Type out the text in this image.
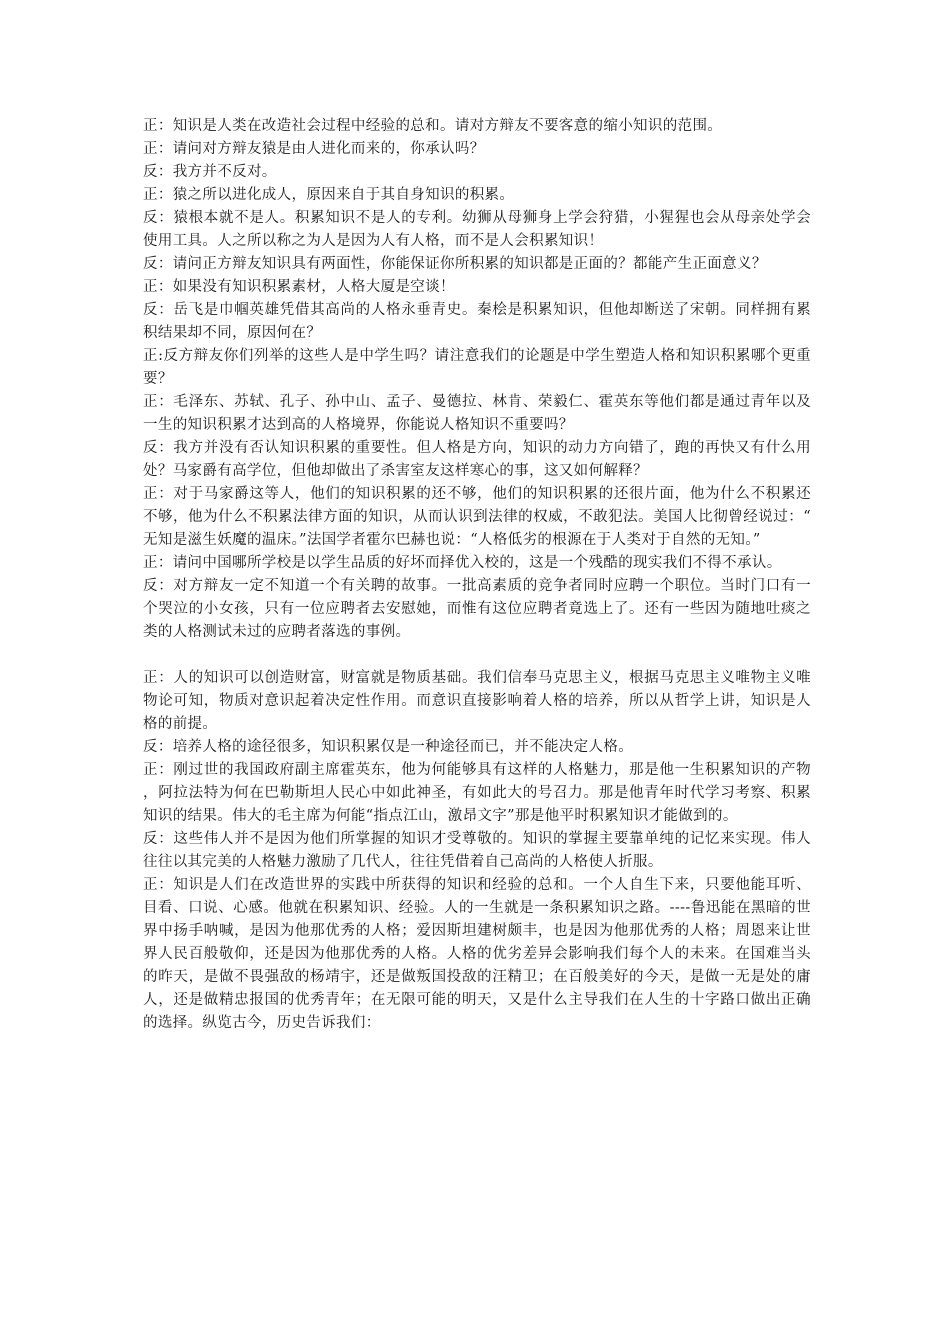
正：知识是人类在改造社会过程中经验的总和。请对方辩友不要客意的缩小知识的范围。

正：请问对方辩友猿是由人进化而来的，你承认吗？

反：我方并不反对。

正：猿之所以进化成人，原因来自于其自身知识的积累。

反：猿根本就不是人。积累知识不是人的专利。幼狮从母狮身上学会狩猎，小猩猩也会从母亲处学会使用工具。人之所以称之为人是因为人有人格，而不是人会积累知识！

反：请问正方辩友知识具有两面性，你能保证你所积累的知识都是正面的？都能产生正面意义？

正：如果没有知识积累素材，人格大厦是空谈！

反：岳飞是巾帼英雄凭借其高尚的人格永垂青史。秦桧是积累知识，但他却断送了宋朝。同样拥有累积结果却不同，原因何在？

正:反方辩友你们列举的这些人是中学生吗？请注意我们的论题是中学生塑造人格和知识积累哪个更重要？

正：毛泽东、苏轼、孔子、孙中山、孟子、曼德拉、林肯、荣毅仁、霍英东等他们都是通过青年以及一生的知识积累才达到高的人格境界，你能说人格知识不重要吗？

反：我方并没有否认知识积累的重要性。但人格是方向，知识的动力方向错了，跑的再快又有什么用处？马家爵有高学位，但他却做出了杀害室友这样寒心的事，这又如何解释？

正：对于马家爵这等人，他们的知识积累的还不够，他们的知识积累的还很片面，他为什么不积累还不够，他为什么不积累法律方面的知识，从而认识到法律的权威，不敢犯法。美国人比彻曾经说过：“无知是滋生妖魔的温床。”法国学者霍尔巴赫也说：“人格低劣的根源在于人类对于自然的无知。”

正：请问中国哪所学校是以学生品质的好坏而择优入校的，这是一个残酷的现实我们不得不承认。

反：对方辩友一定不知道一个有关聘的故事。一批高素质的竞争者同时应聘一个职位。当时门口有一个哭泣的小女孩，只有一位应聘者去安慰她，而惟有这位应聘者竟选上了。还有一些因为随地吐痰之类的人格测试未过的应聘者落选的事例。

正：人的知识可以创造财富，财富就是物质基础。我们信奉马克思主义，根据马克思主义唯物主义唯物论可知，物质对意识起着决定性作用。而意识直接影响着人格的培养，所以从哲学上讲，知识是人格的前提。

反：培养人格的途径很多，知识积累仅是一种途径而已，并不能决定人格。

正：刚过世的我国政府副主席霍英东，他为何能够具有这样的人格魅力，那是他一生积累知识的产物，阿拉法特为何在巴勒斯坦人民心中如此神圣，有如此大的号召力。那是他青年时代学习考察、积累知识的结果。伟大的毛主席为何能“指点江山，激昂文字”那是他平时积累知识才能做到的。

反：这些伟人并不是因为他们所掌握的知识才受尊敬的。知识的掌握主要靠单纯的记忆来实现。伟人往往以其完美的人格魅力激励了几代人，往往凭借着自己高尚的人格使人折服。

正：知识是人们在改造世界的实践中所获得的知识和经验的总和。一个人自生下来，只要他能耳听、目看、口说、心感。他就在积累知识、经验。人的一生就是一条积累知识之路。----鲁迅能在黑暗的世界中扬手呐喊，是因为他那优秀的人格；爱因斯坦建树颇丰，也是因为他那优秀的人格；周恩来让世界人民百般敬仰，还是因为他那优秀的人格。人格的优劣差异会影响我们每个人的未来。在国难当头的昨天，是做不畏强敌的杨靖宇，还是做叛国投敌的汪精卫；在百般美好的今天，是做一无是处的庸人，还是做精忠报国的优秀青年；在无限可能的明天，又是什么主导我们在人生的十字路口做出正确的选择。纵览古今，历史告诉我们：
